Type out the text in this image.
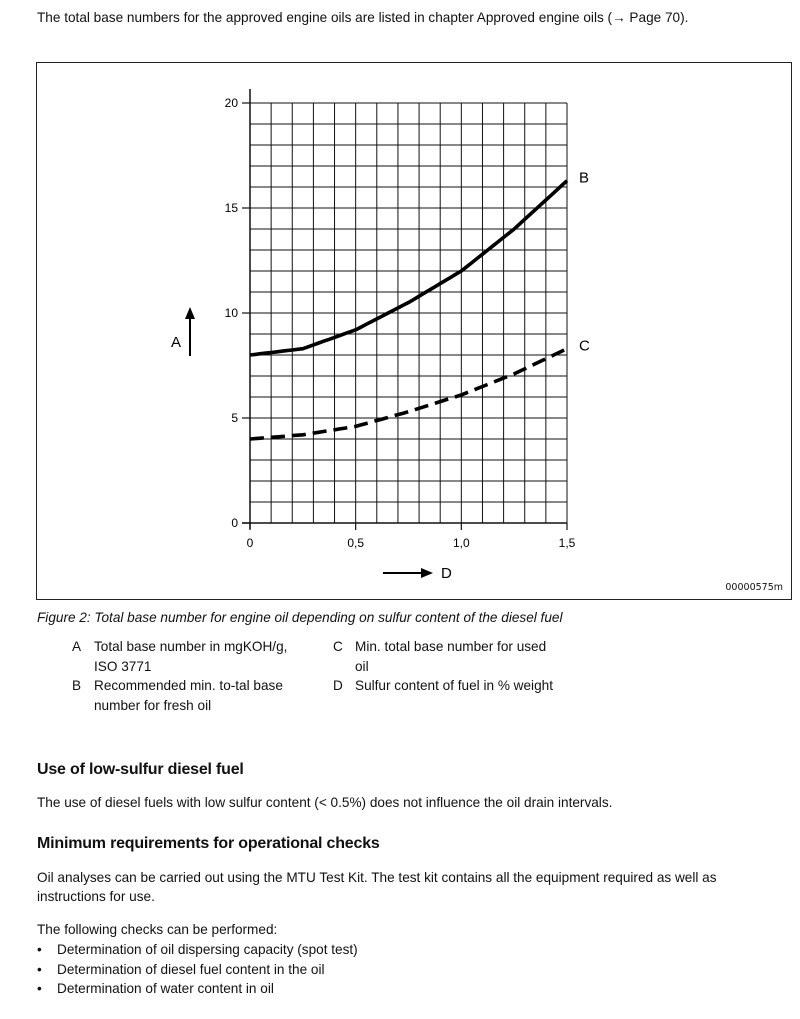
The total base numbers for the approved engine oils are listed in chapter Approved engine oils (→ Page 70).
0
5
10
15
20
0	0,5	1,0	1,5
B
C
A
D
00000575m
Figure 2: Total base number for engine oil depending on sulfur content of the diesel fuel
A Total base number in mgKOH/g, ISO 3771
B Recommended min. to-tal base number for fresh oil
C Min. total base number for used oil
D Sulfur content of fuel in % weight
Use of low-sulfur diesel fuel
The use of diesel fuels with low sulfur content (< 0.5%) does not influence the oil drain intervals.
Minimum requirements for operational checks
Oil analyses can be carried out using the MTU Test Kit. The test kit contains all the equipment required as well as instructions for use.
The following checks can be performed:
•	Determination of oil dispersing capacity (spot test)
•	Determination of diesel fuel content in the oil
•	Determination of water content in oil
